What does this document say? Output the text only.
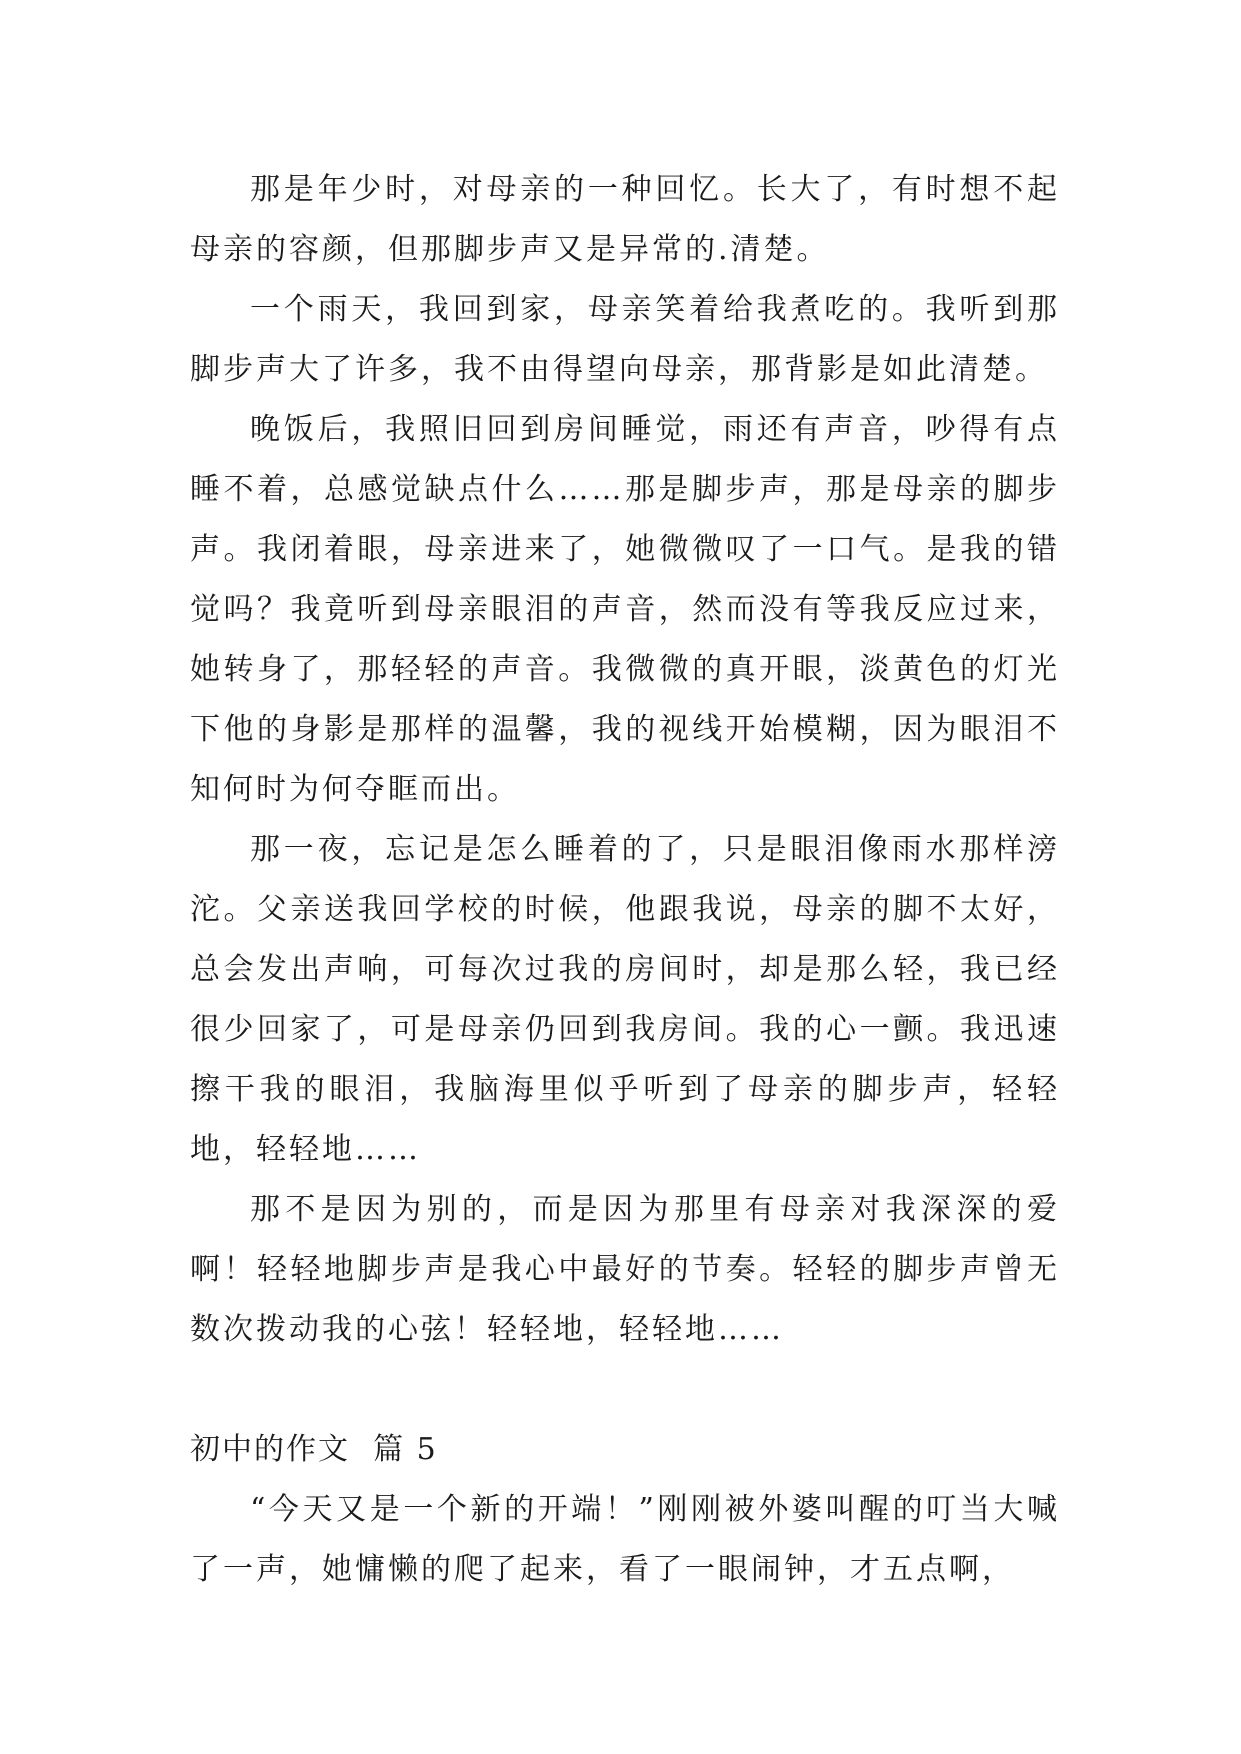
那是年少时，对母亲的一种回忆。长大了，有时想不起母亲的容颜，但那脚步声又是异常的.清楚。

一个雨天，我回到家，母亲笑着给我煮吃的。我听到那脚步声大了许多，我不由得望向母亲，那背影是如此清楚。

晚饭后，我照旧回到房间睡觉，雨还有声音，吵得有点睡不着，总感觉缺点什么……那是脚步声，那是母亲的脚步声。我闭着眼，母亲进来了，她微微叹了一口气。是我的错觉吗？我竟听到母亲眼泪的声音，然而没有等我反应过来，她转身了，那轻轻的声音。我微微的真开眼，淡黄色的灯光下他的身影是那样的温馨，我的视线开始模糊，因为眼泪不知何时为何夺眶而出。

那一夜，忘记是怎么睡着的了，只是眼泪像雨水那样滂沱。父亲送我回学校的时候，他跟我说，母亲的脚不太好，总会发出声响，可每次过我的房间时，却是那么轻，我已经很少回家了，可是母亲仍回到我房间。我的心一颤。我迅速擦干我的眼泪，我脑海里似乎听到了母亲的脚步声，轻轻地，轻轻地……

那不是因为别的，而是因为那里有母亲对我深深的爱啊！轻轻地脚步声是我心中最好的节奏。轻轻的脚步声曾无数次拨动我的心弦！轻轻地，轻轻地……

初中的作文  篇 5

“今天又是一个新的开端！”刚刚被外婆叫醒的叮当大喊了一声，她慵懒的爬了起来，看了一眼闹钟，才五点啊，
